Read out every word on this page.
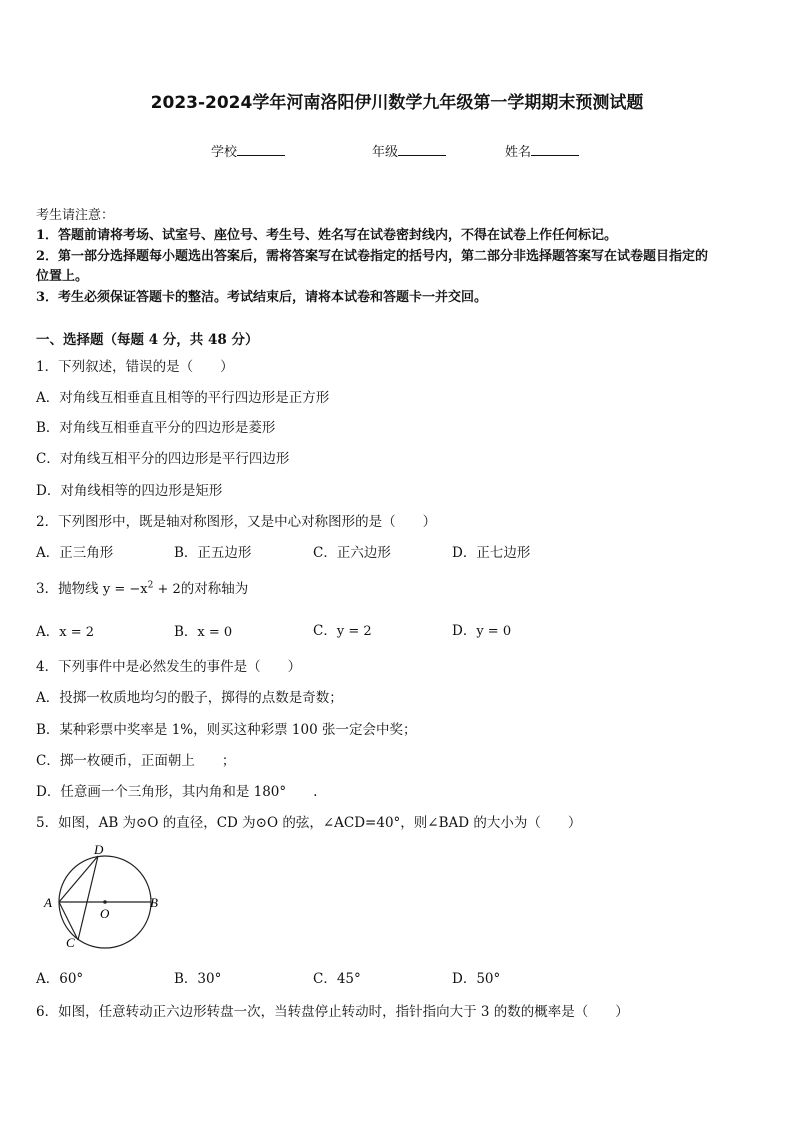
2023-2024学年河南洛阳伊川数学九年级第一学期期末预测试题
学校	年级	姓名
考生请注意：
1．答题前请将考场、试室号、座位号、考生号、姓名写在试卷密封线内，不得在试卷上作任何标记。
2．第一部分选择题每小题选出答案后，需将答案写在试卷指定的括号内，第二部分非选择题答案写在试卷题目指定的
位置上。
3．考生必须保证答题卡的整洁。考试结束后，请将本试卷和答题卡一并交回。
一、选择题（每题 4 分，共 48 分）
1．下列叙述，错误的是（　　）
A．对角线互相垂直且相等的平行四边形是正方形
B．对角线互相垂直平分的四边形是菱形
C．对角线互相平分的四边形是平行四边形
D．对角线相等的四边形是矩形
2．下列图形中，既是轴对称图形，又是中心对称图形的是（　　）
A．正三角形	B．正五边形	C．正六边形	D．正七边形
3．抛物线 $y = -x^2 + 2$的对称轴为
A．x = 2	B．x = 0	C．y = 2	D．y = 0
4．下列事件中是必然发生的事件是（　　）
A．投掷一枚质地均匀的骰子，掷得的点数是奇数；
B．某种彩票中奖率是 1%，则买这种彩票 100 张一定会中奖；
C．掷一枚硬币，正面朝上　　；
D．任意画一个三角形，其内角和是 180°　　.
5．如图，AB 为⊙O 的直径，CD 为⊙O 的弦，∠ACD=40°，则∠BAD 的大小为（　　）
A	B
C
D
O
A．60°	B．30°	C．45°	D．50°
6．如图，任意转动正六边形转盘一次，当转盘停止转动时，指针指向大于 3 的数的概率是（　　）
